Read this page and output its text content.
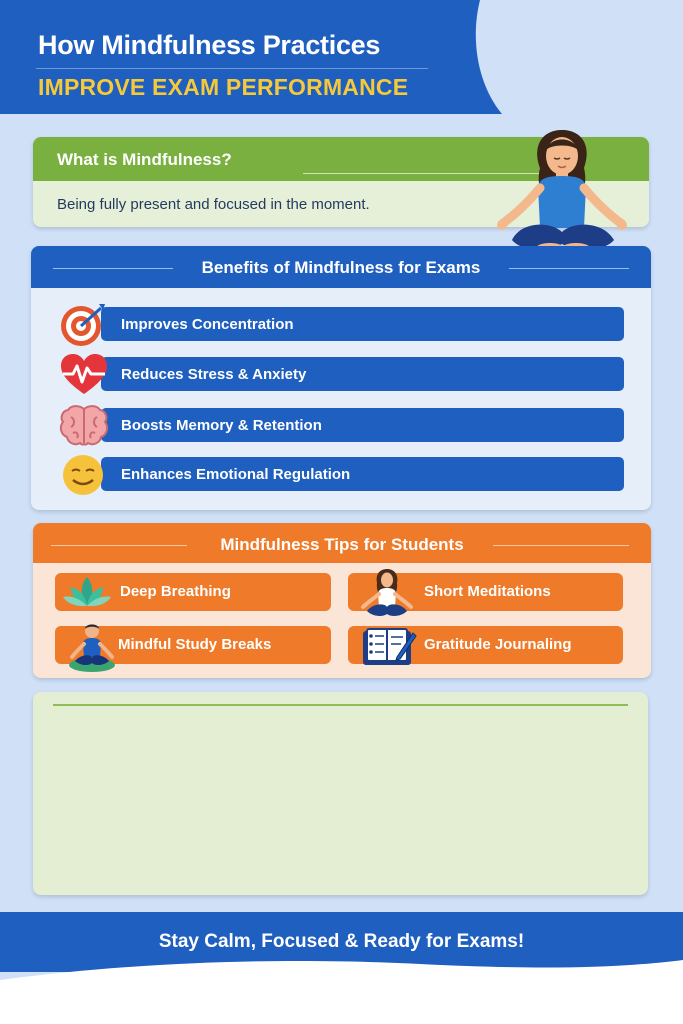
How Mindfulness Practices
IMPROVE EXAM PERFORMANCE
What is Mindfulness?
Being fully present and focused in the moment.
Benefits of Mindfulness for Exams
Improves Concentration
Reduces Stress & Anxiety
Boosts Memory & Retention
Enhances Emotional Regulation
Mindfulness Tips for Students
Deep Breathing	Short Meditations
Mindful Study Breaks	Gratitude Journaling
Stay Calm, Focused & Ready for Exams!
